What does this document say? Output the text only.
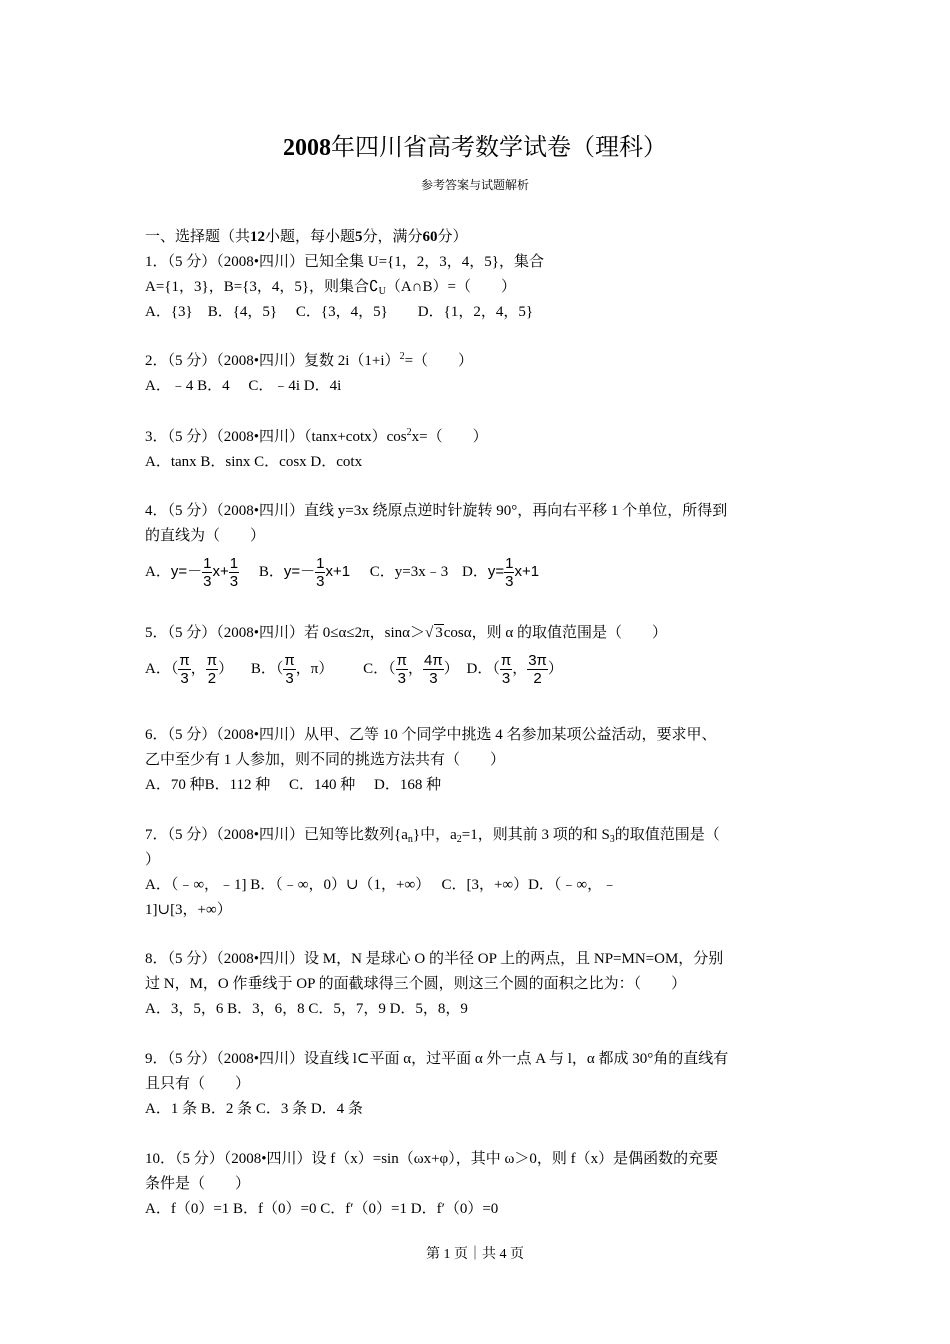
2008年四川省高考数学试卷（理科）
参考答案与试题解析
一、选择题（共12小题，每小题5分，满分60分）
1．（5 分）（2008•四川）已知全集 U={1，2，3，4，5}，集合
A={1，3}，B={3，4，5}，则集合$∁_U(A\cap B)=$（　　）
A．{3}　B．{4，5}　 C．{3，4，5}　　D．{1，2，4，5}
2．（5 分）（2008•四川）复数 $2i(1+i)^2=$（　　）
A．﹣4 B．4　 C．﹣4i D．4i
3．（5 分）（2008•四川）$(\tan x+\cot x)\cos^2x=$（　　）
A．tanx B．sinx C．cosx D．cotx
4．（5 分）（2008•四川）直线 y=3x 绕原点逆时针旋转 90°，再向右平移 1 个单位，所得到
的直线为（　　）
A．$y=- \frac{1}{3} x+ \frac{1}{3}$ B．$y=- \frac{1}{3} x+1$ C．y=3x﹣3 D．$y= \frac{1}{3} x+1$
5．（5 分）（2008•四川）若 0≤α≤2π，sinα＞√ 3cosα，则 α 的取值范围是（　　）
A．（ $\frac{\pi}{3}$ ， $\frac{\pi}{2}$ ） B．（ $\frac{\pi}{3}$ ，π） C．（ $\frac{\pi}{3}$ ， $\frac{4\pi}{3}$ ） D．（ $\frac{\pi}{3}$ ， $\frac{3\pi}{2}$ ）
6．（5 分）（2008•四川）从甲、乙等 10 个同学中挑选 4 名参加某项公益活动，要求甲、
乙中至少有 1 人参加，则不同的挑选方法共有（　　）
A．70 种B．112 种　 C．140 种　 D．168 种
7．（5 分）（2008•四川）已知等比数列$\{a_n\}$中，$a_2=1$，则其前 3 项的和 $S_3$的取值范围是（
）
A．（﹣∞，﹣1] B．（﹣∞，0）∪（1，+∞）　 C．[3，+∞）D．（﹣∞，﹣
1]∪[3，+∞）
8．（5 分）（2008•四川）设 M，N 是球心 O 的半径 OP 上的两点，且 NP=MN=OM，分别
过 N，M，O 作垂线于 OP 的面截球得三个圆，则这三个圆的面积之比为：（　　）
A．3，5，6 B．3，6，8 C．5，7，9 D．5，8，9
9．（5 分）（2008•四川）设直线 l⊂平面 α，过平面 α 外一点 A 与 l，α 都成 30°角的直线有
且只有（　　）
A．1 条 B．2 条 C．3 条 D．4 条
10．（5 分）（2008•四川）设 f（x）=sin（ωx+φ），其中 ω＞0，则 f（x）是偶函数的充要
条件是（　　）
A．f（0）=1 B．f（0）=0 C．f′（0）=1 D．f′（0）=0
第 1 页｜共 4 页
